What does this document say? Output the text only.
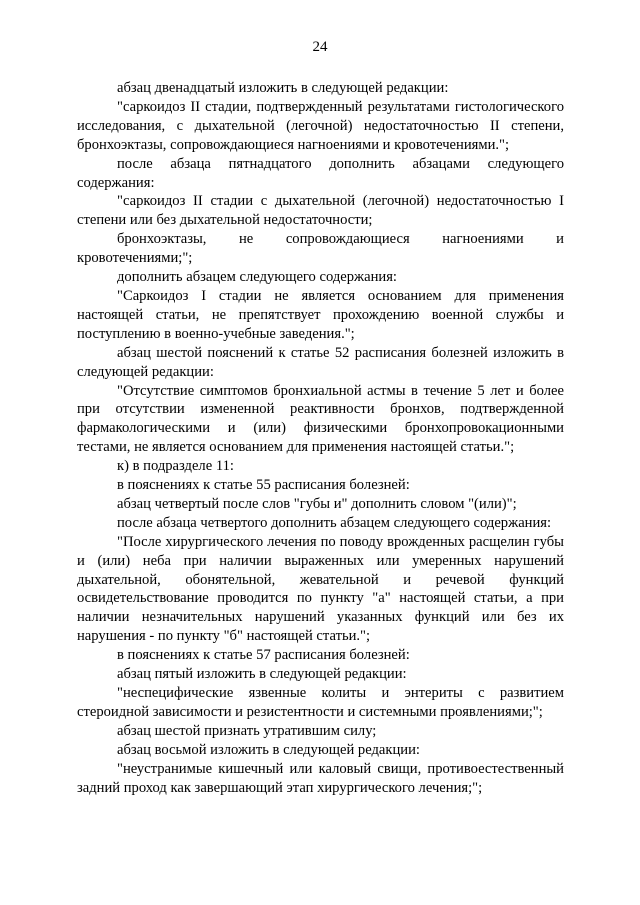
24

абзац двенадцатый изложить в следующей редакции:

"саркоидоз II стадии, подтвержденный результатами гистологического исследования, с дыхательной (легочной) недостаточностью II степени, бронхоэктазы, сопровождающиеся нагноениями и кровотечениями.";

после абзаца пятнадцатого дополнить абзацами следующего содержания:

"саркоидоз II стадии с дыхательной (легочной) недостаточностью I степени или без дыхательной недостаточности;

бронхоэктазы, не сопровождающиеся нагноениями и кровотечениями;";

дополнить абзацем следующего содержания:

"Саркоидоз I стадии не является основанием для применения настоящей статьи, не препятствует прохождению военной службы и поступлению в военно-учебные заведения.";

абзац шестой пояснений к статье 52 расписания болезней изложить в следующей редакции:

"Отсутствие симптомов бронхиальной астмы в течение 5 лет и более при отсутствии измененной реактивности бронхов, подтвержденной фармакологическими и (или) физическими бронхопровокационными тестами, не является основанием для применения настоящей статьи.";

к) в подразделе 11:

в пояснениях к статье 55 расписания болезней:

абзац четвертый после слов "губы и" дополнить словом "(или)";

после абзаца четвертого дополнить абзацем следующего содержания:

"После хирургического лечения по поводу врожденных расщелин губы и (или) неба при наличии выраженных или умеренных нарушений дыхательной, обонятельной, жевательной и речевой функций освидетельствование проводится по пункту "а" настоящей статьи, а при наличии незначительных нарушений указанных функций или без их нарушения - по пункту "б" настоящей статьи.";

в пояснениях к статье 57 расписания болезней:

абзац пятый изложить в следующей редакции:

"неспецифические язвенные колиты и энтериты с развитием стероидной зависимости и резистентности и системными проявлениями;";

абзац шестой признать утратившим силу;

абзац восьмой изложить в следующей редакции:

"неустранимые кишечный или каловый свищи, противоестественный задний проход как завершающий этап хирургического лечения;";
